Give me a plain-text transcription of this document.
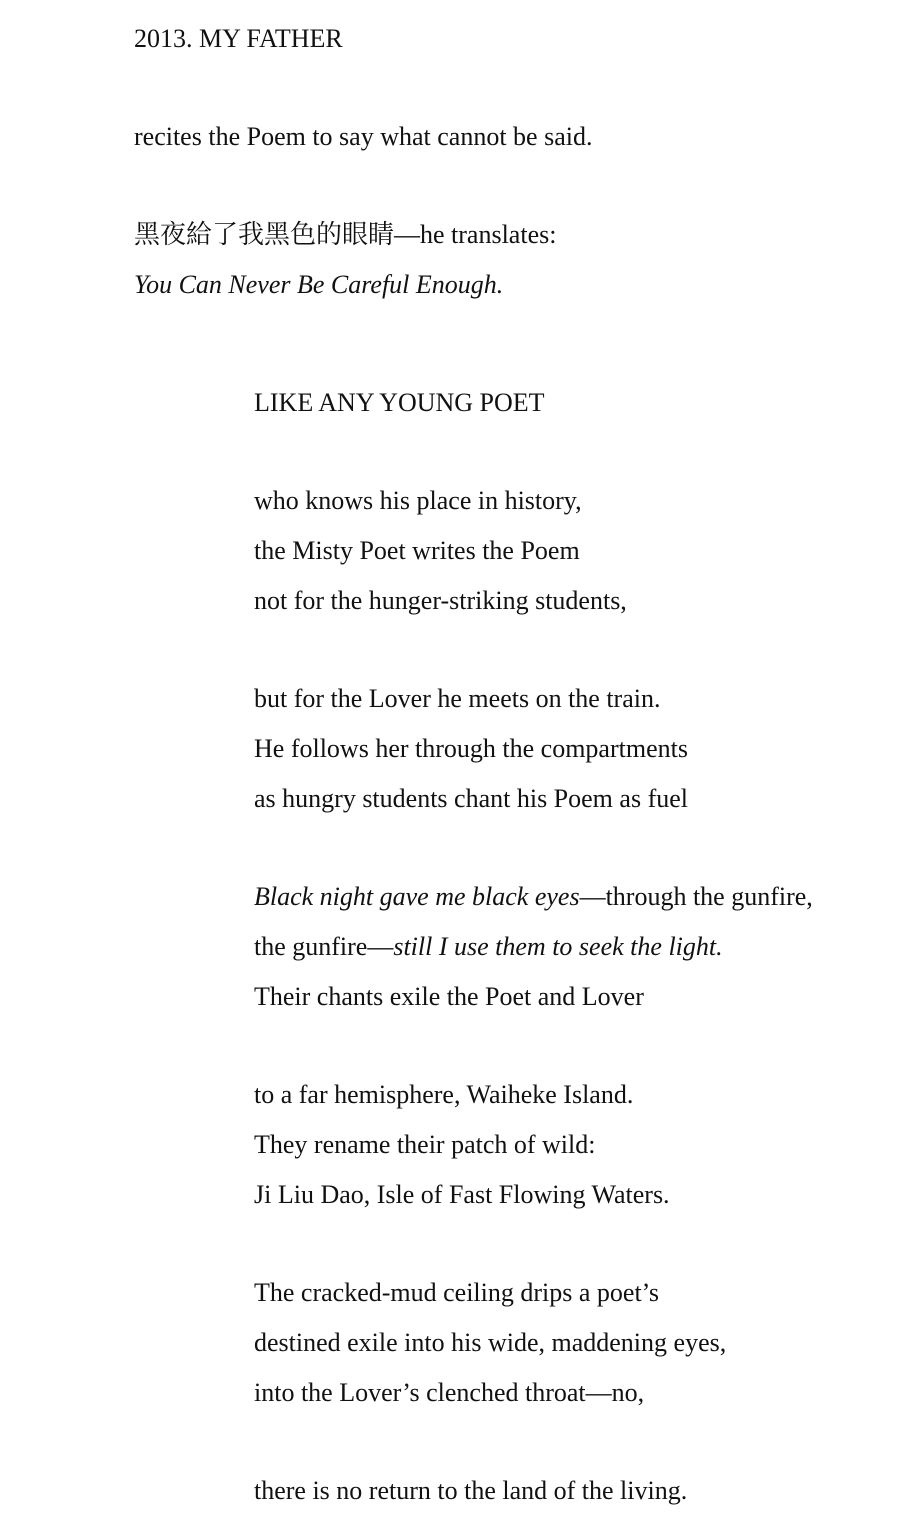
2013. MY FATHER

recites the Poem to say what cannot be said.

黑夜給了我黑色的眼睛—he translates:
You Can Never Be Careful Enough.

LIKE ANY YOUNG POET

who knows his place in history,
the Misty Poet writes the Poem
not for the hunger-striking students,

but for the Lover he meets on the train.
He follows her through the compartments
as hungry students chant his Poem as fuel

Black night gave me black eyes—through the gunfire,
the gunfire—still I use them to seek the light.
Their chants exile the Poet and Lover

to a far hemisphere, Waiheke Island.
They rename their patch of wild:
Ji Liu Dao, Isle of Fast Flowing Waters.

The cracked-mud ceiling drips a poet’s
destined exile into his wide, maddening eyes,
into the Lover’s clenched throat—no,

there is no return to the land of the living.
